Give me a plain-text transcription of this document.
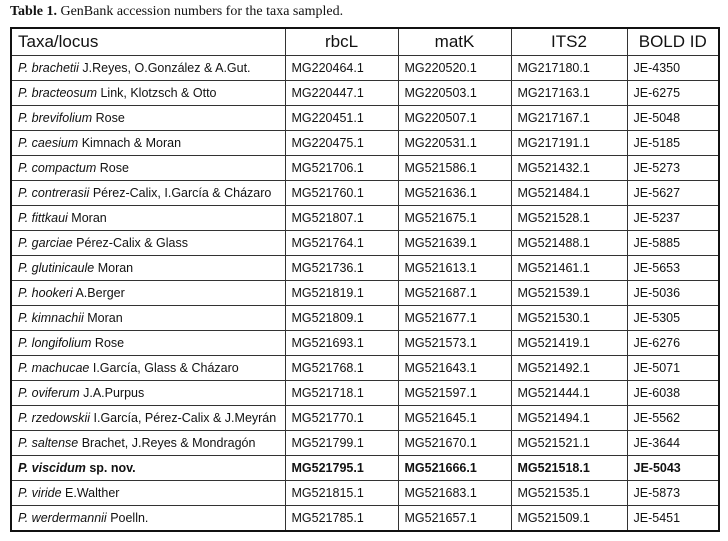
Table 1. GenBank accession numbers for the taxa sampled.
Taxa/locus	rbcL	matK	ITS2	BOLD ID
P. brachetii J.Reyes, O.González & A.Gut.	MG220464.1	MG220520.1	MG217180.1	JE-4350
P. bracteosum Link, Klotzsch & Otto	MG220447.1	MG220503.1	MG217163.1	JE-6275
P. brevifolium Rose	MG220451.1	MG220507.1	MG217167.1	JE-5048
P. caesium Kimnach & Moran	MG220475.1	MG220531.1	MG217191.1	JE-5185
P. compactum Rose	MG521706.1	MG521586.1	MG521432.1	JE-5273
P. contrerasii Pérez-Calix, I.García & Cházaro	MG521760.1	MG521636.1	MG521484.1	JE-5627
P. fittkaui Moran	MG521807.1	MG521675.1	MG521528.1	JE-5237
P. garciae Pérez-Calix & Glass	MG521764.1	MG521639.1	MG521488.1	JE-5885
P. glutinicaule Moran	MG521736.1	MG521613.1	MG521461.1	JE-5653
P. hookeri A.Berger	MG521819.1	MG521687.1	MG521539.1	JE-5036
P. kimnachii Moran	MG521809.1	MG521677.1	MG521530.1	JE-5305
P. longifolium Rose	MG521693.1	MG521573.1	MG521419.1	JE-6276
P. machucae I.García, Glass & Cházaro	MG521768.1	MG521643.1	MG521492.1	JE-5071
P. oviferum J.A.Purpus	MG521718.1	MG521597.1	MG521444.1	JE-6038
P. rzedowskii I.García, Pérez-Calix & J.Meyrán	MG521770.1	MG521645.1	MG521494.1	JE-5562
P. saltense Brachet, J.Reyes & Mondragón	MG521799.1	MG521670.1	MG521521.1	JE-3644
P. viscidum sp. nov.	MG521795.1	MG521666.1	MG521518.1	JE-5043
P. viride E.Walther	MG521815.1	MG521683.1	MG521535.1	JE-5873
P. werdermannii Poelln.	MG521785.1	MG521657.1	MG521509.1	JE-5451
